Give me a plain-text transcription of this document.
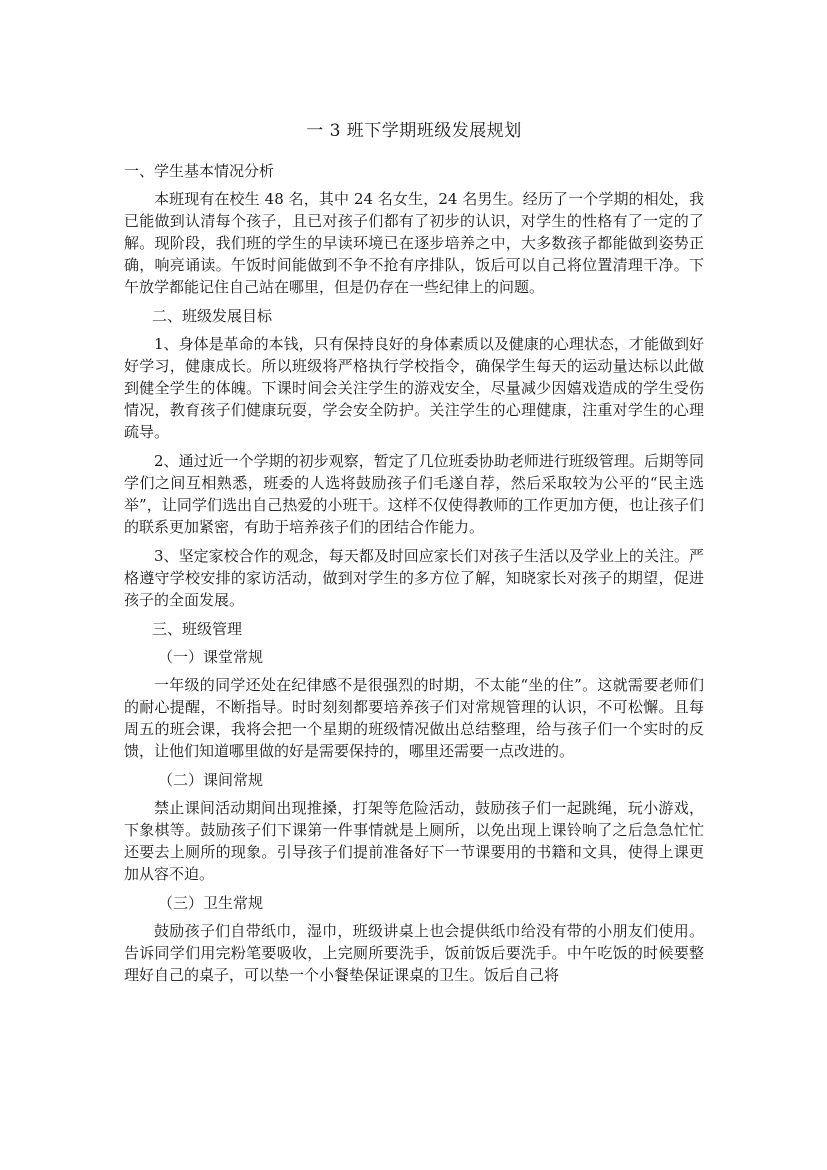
一 3 班下学期班级发展规划
一、学生基本情况分析
本班现有在校生 48 名，其中 24 名女生，24 名男生。经历了一个学期的相处，我已能做到认清每个孩子，且已对孩子们都有了初步的认识，对学生的性格有了一定的了解。现阶段，我们班的学生的早读环境已在逐步培养之中，大多数孩子都能做到姿势正确，响亮诵读。午饭时间能做到不争不抢有序排队，饭后可以自己将位置清理干净。下午放学都能记住自己站在哪里，但是仍存在一些纪律上的问题。
二、班级发展目标
1、身体是革命的本钱，只有保持良好的身体素质以及健康的心理状态，才能做到好好学习，健康成长。所以班级将严格执行学校指令，确保学生每天的运动量达标以此做到健全学生的体魄。下课时间会关注学生的游戏安全，尽量减少因嬉戏造成的学生受伤情况，教育孩子们健康玩耍，学会安全防护。关注学生的心理健康，注重对学生的心理疏导。
2、通过近一个学期的初步观察，暂定了几位班委协助老师进行班级管理。后期等同学们之间互相熟悉，班委的人选将鼓励孩子们毛遂自荐，然后采取较为公平的“民主选举”，让同学们选出自己热爱的小班干。这样不仅使得教师的工作更加方便，也让孩子们的联系更加紧密，有助于培养孩子们的团结合作能力。
3、坚定家校合作的观念，每天都及时回应家长们对孩子生活以及学业上的关注。严格遵守学校安排的家访活动，做到对学生的多方位了解，知晓家长对孩子的期望，促进孩子的全面发展。
三、班级管理
（一）课堂常规
一年级的同学还处在纪律感不是很强烈的时期，不太能“坐的住”。这就需要老师们的耐心提醒，不断指导。时时刻刻都要培养孩子们对常规管理的认识，不可松懈。且每周五的班会课，我将会把一个星期的班级情况做出总结整理，给与孩子们一个实时的反馈，让他们知道哪里做的好是需要保持的，哪里还需要一点改进的。
（二）课间常规
禁止课间活动期间出现推搡，打架等危险活动，鼓励孩子们一起跳绳，玩小游戏，下象棋等。鼓励孩子们下课第一件事情就是上厕所，以免出现上课铃响了之后急急忙忙还要去上厕所的现象。引导孩子们提前准备好下一节课要用的书籍和文具，使得上课更加从容不迫。
（三）卫生常规
鼓励孩子们自带纸巾，湿巾，班级讲桌上也会提供纸巾给没有带的小朋友们使用。告诉同学们用完粉笔要吸收，上完厕所要洗手，饭前饭后要洗手。中午吃饭的时候要整理好自己的桌子，可以垫一个小餐垫保证课桌的卫生。饭后自己将
